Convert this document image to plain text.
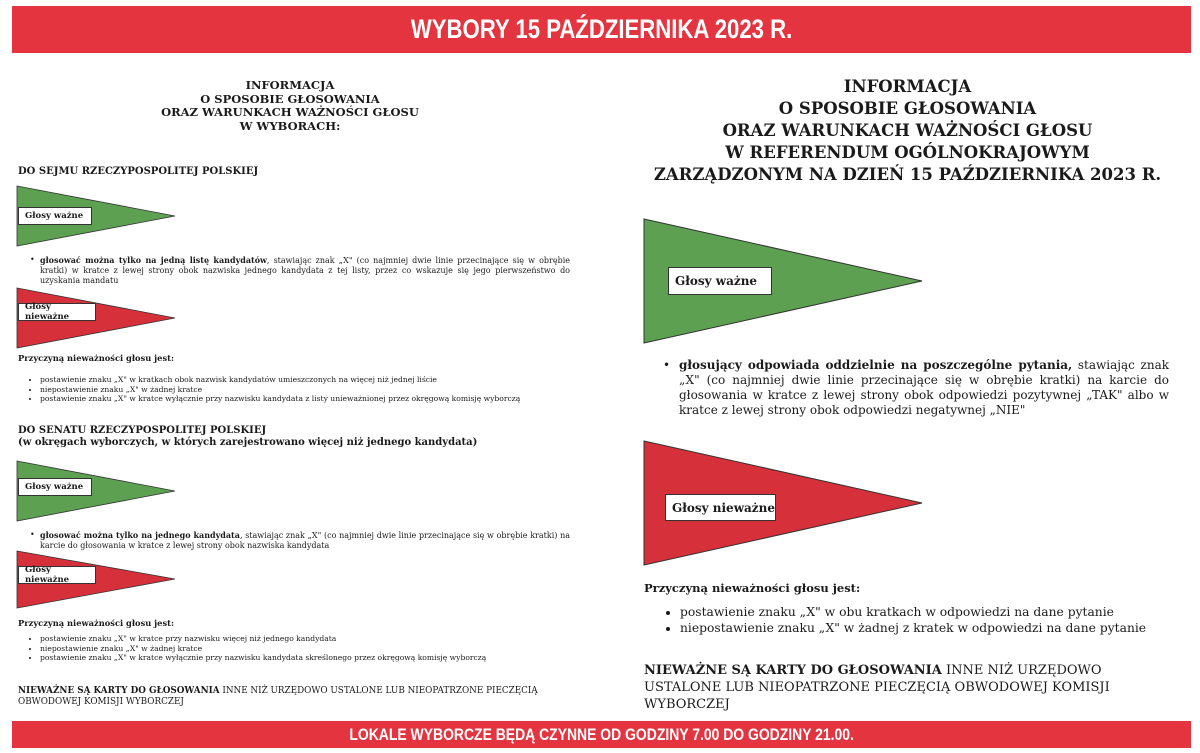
WYBORY 15 PAŹDZIERNIKA 2023 R.
LOKALE WYBORCZE BĘDĄ CZYNNE OD GODZINY 7.00 DO GODZINY 21.00.
INFORMACJA
O SPOSOBIE GŁOSOWANIA
ORAZ WARUNKACH WAŻNOŚCI GŁOSU
W WYBORACH:
DO SEJMU RZECZYPOSPOLITEJ POLSKIEJ
Głosy ważne
• głosować można tylko na jedną listę kandydatów, stawiając znak „X" (co najmniej dwie linie przecinające się w obrębie kratki) w kratce z lewej strony obok nazwiska jednego kandydata z tej listy, przez co wskazuje się jego pierwszeństwo do uzyskania mandatu
Głosy nieważne
Przyczyną nieważności głosu jest:
• postawienie znaku „X" w kratkach obok nazwisk kandydatów umieszczonych na więcej niż jednej liście
• niepostawienie znaku „X" w żadnej kratce
• postawienie znaku „X" w kratce wyłącznie przy nazwisku kandydata z listy unieważnionej przez okręgową komisję wyborczą
DO SENATU RZECZYPOSPOLITEJ POLSKIEJ
(w okręgach wyborczych, w których zarejestrowano więcej niż jednego kandydata)
Głosy ważne
• głosować można tylko na jednego kandydata, stawiając znak „X" (co najmniej dwie linie przecinające się w obrębie kratki) na karcie do głosowania w kratce z lewej strony obok nazwiska kandydata
Głosy nieważne
Przyczyną nieważności głosu jest:
• postawienie znaku „X" w kratce przy nazwisku więcej niż jednego kandydata
• niepostawienie znaku „X" w żadnej kratce
• postawienie znaku „X" w kratce wyłącznie przy nazwisku kandydata skreślonego przez okręgową komisję wyborczą
NIEWAŻNE SĄ KARTY DO GŁOSOWANIA INNE NIŻ URZĘDOWO USTALONE LUB NIEOPATRZONE PIECZĘCIĄ OBWODOWEJ KOMISJI WYBORCZEJ
INFORMACJA
O SPOSOBIE GŁOSOWANIA
ORAZ WARUNKACH WAŻNOŚCI GŁOSU
W REFERENDUM OGÓLNOKRAJOWYM
ZARZĄDZONYM NA DZIEŃ 15 PAŹDZIERNIKA 2023 R.
Głosy ważne
• głosujący odpowiada oddzielnie na poszczególne pytania, stawiając znak „X" (co najmniej dwie linie przecinające się w obrębie kratki) na karcie do głosowania w kratce z lewej strony obok odpowiedzi pozytywnej „TAK" albo w kratce z lewej strony obok odpowiedzi negatywnej „NIE"
Głosy nieważne
Przyczyną nieważności głosu jest:
• postawienie znaku „X" w obu kratkach w odpowiedzi na dane pytanie
• niepostawienie znaku „X" w żadnej z kratek w odpowiedzi na dane pytanie
NIEWAŻNE SĄ KARTY DO GŁOSOWANIA INNE NIŻ URZĘDOWO USTALONE LUB NIEOPATRZONE PIECZĘCIĄ OBWODOWEJ KOMISJI WYBORCZEJ
